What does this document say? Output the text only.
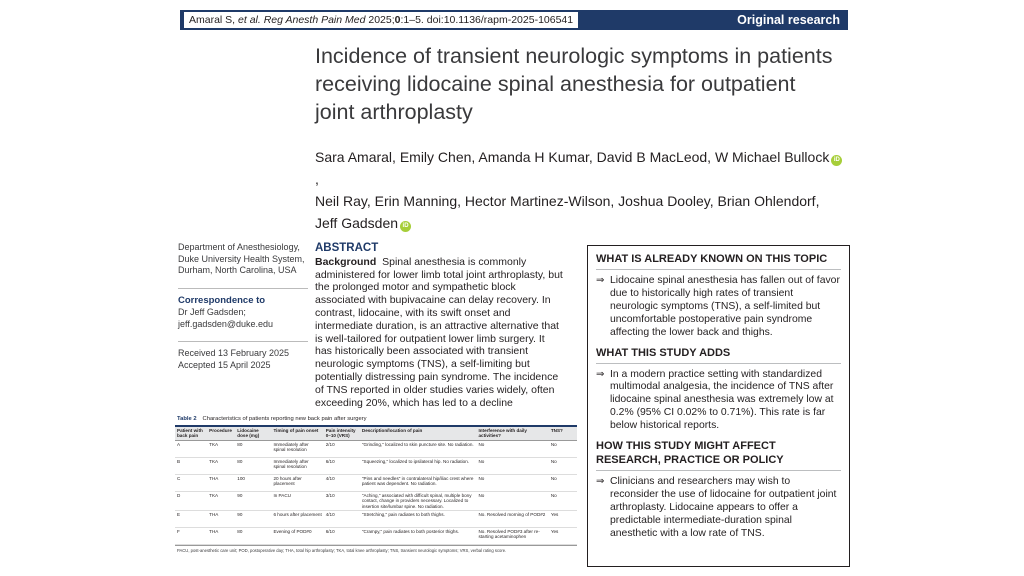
Amaral S, et al. Reg Anesth Pain Med 2025;0:1–5. doi:10.1136/rapm-2025-106541	Original research
Incidence of transient neurologic symptoms in patients receiving lidocaine spinal anesthesia for outpatient joint arthroplasty
Sara Amaral, Emily Chen, Amanda H Kumar, David B MacLeod, W Michael Bullock iD ,
Neil Ray, Erin Manning, Hector Martinez-Wilson, Joshua Dooley, Brian Ohlendorf,
Jeff Gadsden iD
Department of Anesthesiology,
Duke University Health System,
Durham, North Carolina, USA
Correspondence to
Dr Jeff Gadsden;
jeff.gadsden@duke.edu
Received 13 February 2025
Accepted 15 April 2025
ABSTRACT
Background Spinal anesthesia is commonly administered for lower limb total joint arthroplasty, but the prolonged motor and sympathetic block associated with bupivacaine can delay recovery. In contrast, lidocaine, with its swift onset and intermediate duration, is an attractive alternative that is well-tailored for outpatient lower limb surgery. It has historically been associated with transient neurologic symptoms (TNS), a self-limiting but potentially distressing pain syndrome. The incidence of TNS reported in older studies varies widely, often exceeding 20%, which has led to a decline
Table 2 Characteristics of patients reporting new back pain after surgery
Patient with back pain	Procedure	Lidocaine dose (mg)	Timing of pain onset	Pain intensity 0–10 (VRS)	Description/location of pain	Interference with daily activities?	TNS?
A	TKA	80	Immediately after spinal resolution	2/10	"Grinding," localized to skin puncture site. No radiation.	No	No
B	TKA	80	Immediately after spinal resolution	6/10	"Squeezing," localized to ipsilateral hip. No radiation.	No	No
C	THA	100	20 hours after placement	4/10	"Pins and needles" in contralateral hip/iliac crest where patient was dependent. No radiation.	No	No
D	TKA	90	In PACU	3/10	"Aching," associated with difficult spinal, multiple bony contact, change in providers necessary. Localized to insertion site/lumbar spine. No radiation.	No	No
E	THA	90	6 hours after placement	4/10	"Stretching," pain radiates to both thighs.	No. Resolved morning of POD#2	Yes
F	THA	80	Evening of POD#0	6/10	"Crampy," pain radiates to both posterior thighs.	No. Resolved POD#3 after re-starting acetaminophen	Yes
PACU, post-anesthetic care unit; POD, postoperative day; THA, total hip arthroplasty; TKA, total knee arthroplasty; TNS, transient neurologic symptoms; VRS, verbal rating score.
WHAT IS ALREADY KNOWN ON THIS TOPIC
⇒ Lidocaine spinal anesthesia has fallen out of favor due to historically high rates of transient neurologic symptoms (TNS), a self-limited but uncomfortable postoperative pain syndrome affecting the lower back and thighs.
WHAT THIS STUDY ADDS
⇒ In a modern practice setting with standardized multimodal analgesia, the incidence of TNS after lidocaine spinal anesthesia was extremely low at 0.2% (95% CI 0.02% to 0.71%). This rate is far below historical reports.
HOW THIS STUDY MIGHT AFFECT RESEARCH, PRACTICE OR POLICY
⇒ Clinicians and researchers may wish to reconsider the use of lidocaine for outpatient joint arthroplasty. Lidocaine appears to offer a predictable intermediate-duration spinal anesthetic with a low rate of TNS.
